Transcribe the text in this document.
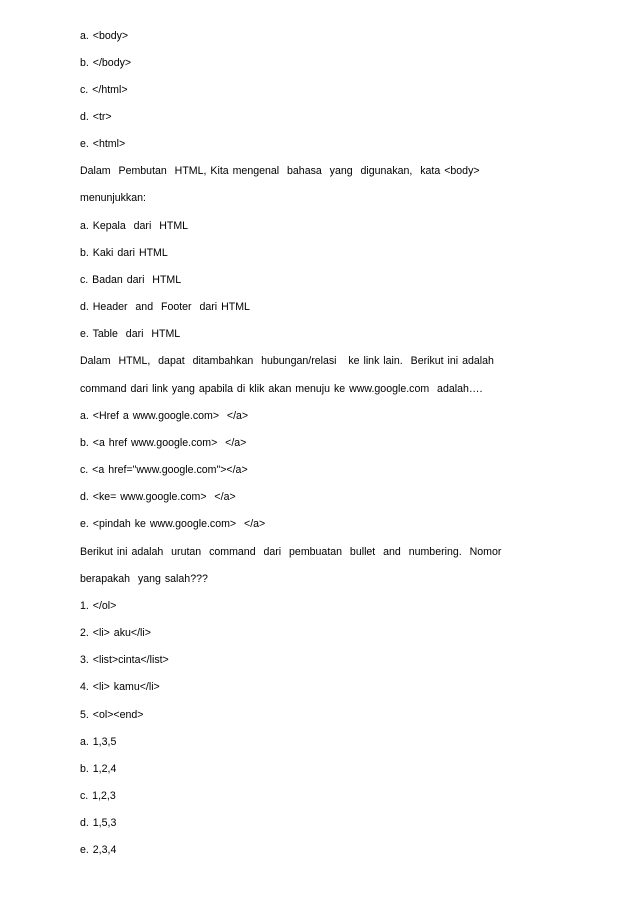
a. <body>
b. </body>
c. </html>
d. <tr>
e. <html>
Dalam  Pembutan  HTML, Kita mengenal  bahasa  yang  digunakan,  kata <body>
menunjukkan:
a. Kepala  dari  HTML
b. Kaki dari HTML
c. Badan dari  HTML
d. Header  and  Footer  dari HTML
e. Table  dari  HTML
Dalam  HTML,  dapat  ditambahkan  hubungan/relasi   ke link lain.  Berikut ini adalah
command dari link yang apabila di klik akan menuju ke www.google.com  adalah….
a. <Href a www.google.com>  </a>
b. <a href www.google.com>  </a>
c. <a href="www.google.com"></a>
d. <ke= www.google.com>  </a>
e. <pindah ke www.google.com>  </a>
Berikut ini adalah  urutan  command  dari  pembuatan  bullet  and  numbering.  Nomor
berapakah  yang salah???
1. </ol>
2. <li> aku</li>
3. <list>cinta</list>
4. <li> kamu</li>
5. <ol><end>
a. 1,3,5
b. 1,2,4
c. 1,2,3
d. 1,5,3
e. 2,3,4
